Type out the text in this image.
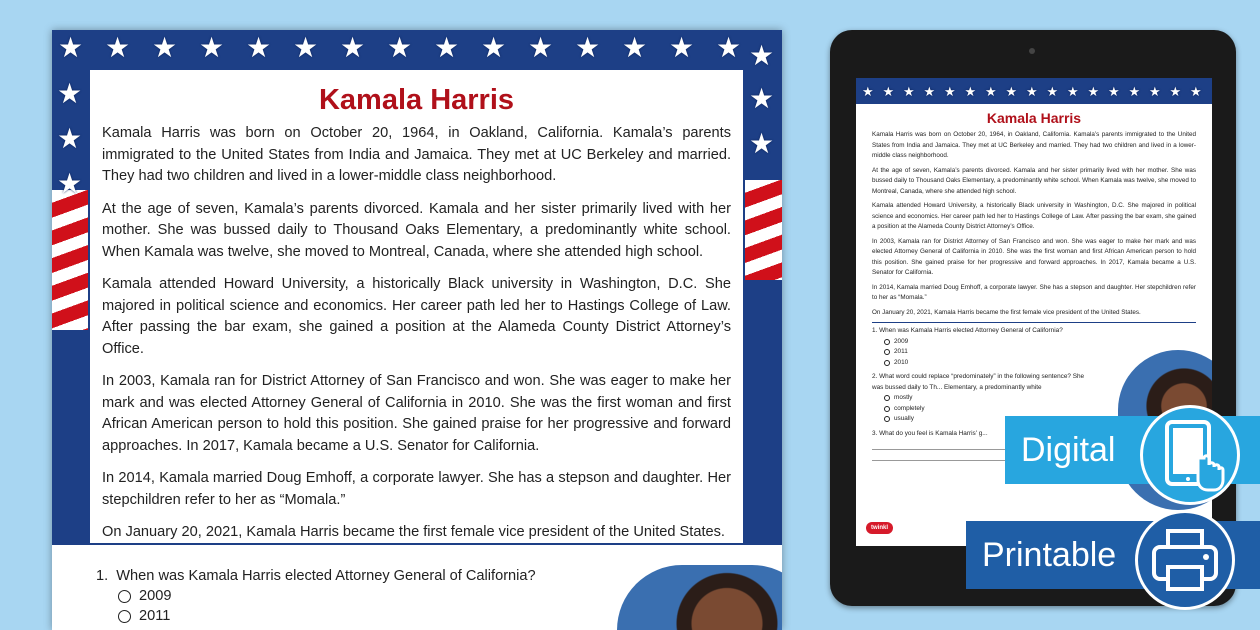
★ ★ ★ ★ ★ ★ ★ ★ ★ ★ ★ ★ ★ ★ ★
★
★
★
★
★
★
Kamala Harris

Kamala Harris was born on October 20, 1964, in Oakland, California. Kamala’s parents immigrated to the United States from India and Jamaica. They met at UC Berkeley and married. They had two children and lived in a lower-middle class neighborhood.

At the age of seven, Kamala’s parents divorced. Kamala and her sister primarily lived with her mother. She was bussed daily to Thousand Oaks Elementary, a predominantly white school. When Kamala was twelve, she moved to Montreal, Canada, where she attended high school.

Kamala attended Howard University, a historically Black university in Washington, D.C. She majored in political science and economics. Her career path led her to Hastings College of Law. After passing the bar exam, she gained a position at the Alameda County District Attorney’s Office.

In 2003, Kamala ran for District Attorney of San Francisco and won. She was eager to make her mark and was elected Attorney General of California in 2010. She was the first woman and first African American person to hold this position. She gained praise for her progressive and forward approaches. In 2017, Kamala became a U.S. Senator for California.

In 2014, Kamala married Doug Emhoff, a corporate lawyer. She has a stepson and daughter. Her stepchildren refer to her as “Momala.”

On January 20, 2021, Kamala Harris became the first female vice president of the United States.

1. When was Kamala Harris elected Attorney General of California?
2009
2011
★ ★ ★ ★ ★ ★ ★ ★ ★ ★ ★ ★ ★ ★ ★ ★ ★
Kamala Harris

Kamala Harris was born on October 20, 1964, in Oakland, California. Kamala’s parents immigrated to the United States from India and Jamaica. They met at UC Berkeley and married. They had two children and lived in a lower-middle class neighborhood.

At the age of seven, Kamala’s parents divorced. Kamala and her sister primarily lived with her mother. She was bussed daily to Thousand Oaks Elementary, a predominantly white school. When Kamala was twelve, she moved to Montreal, Canada, where she attended high school.

Kamala attended Howard University, a historically Black university in Washington, D.C. She majored in political science and economics. Her career path led her to Hastings College of Law. After passing the bar exam, she gained a position at the Alameda County District Attorney’s Office.

In 2003, Kamala ran for District Attorney of San Francisco and won. She was eager to make her mark and was elected Attorney General of California in 2010. She was the first woman and first African American person to hold this position. She gained praise for her progressive and forward approaches. In 2017, Kamala became a U.S. Senator for California.

In 2014, Kamala married Doug Emhoff, a corporate lawyer. She has a stepson and daughter. Her stepchildren refer to her as “Momala.”

On January 20, 2021, Kamala Harris became the first female vice president of the United States.

1. When was Kamala Harris elected Attorney General of California?
2009
2011
2010
2. What word could replace “predominately” in the following sentence? She was bussed daily to Th... Elementary, a predominantly white
mostly
completely
usually
3. What do you feel is Kamala Harris' g...
twinkl
Digital
Printable
